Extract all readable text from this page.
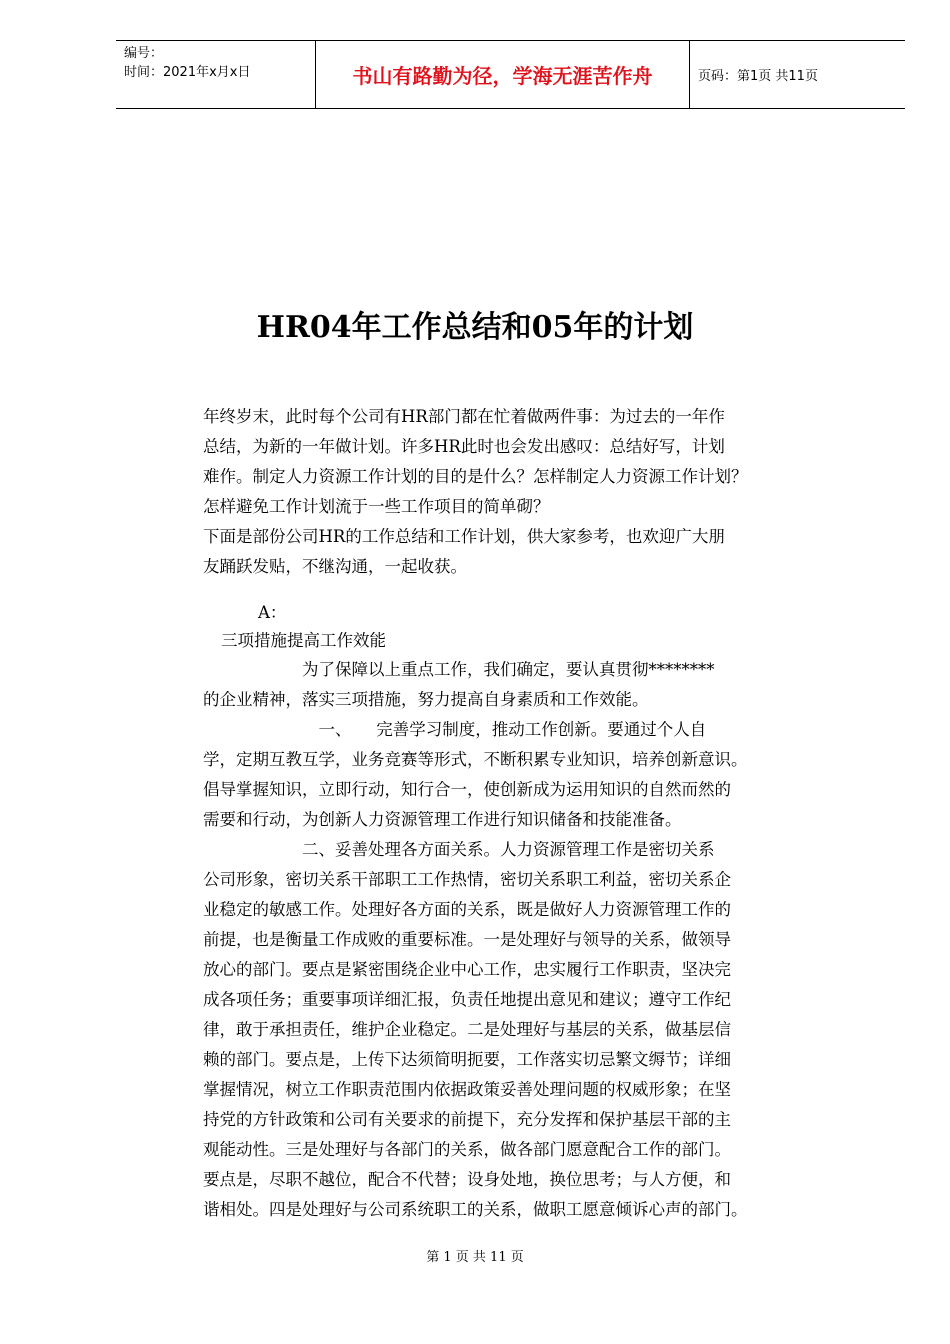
编号：
时间：2021年x月x日	书山有路勤为径，学海无涯苦作舟	页码：第1页 共11页
HR04年工作总结和05年的计划
年终岁末，此时每个公司有HR部门都在忙着做两件事：为过去的一年作
总结，为新的一年做计划。许多HR此时也会发出感叹：总结好写，计划
难作。制定人力资源工作计划的目的是什么？怎样制定人力资源工作计划？
怎样避免工作计划流于一些工作项目的简单砌？
下面是部份公司HR的工作总结和工作计划，供大家参考，也欢迎广大朋
友踊跃发贴，不继沟通，一起收获。
A：
三项措施提高工作效能
　　　　　　为了保障以上重点工作，我们确定，要认真贯彻********
的企业精神，落实三项措施，努力提高自身素质和工作效能。
　　　　　　　一、　　完善学习制度，推动工作创新。要通过个人自
学，定期互教互学，业务竞赛等形式，不断积累专业知识，培养创新意识。
倡导掌握知识，立即行动，知行合一，使创新成为运用知识的自然而然的
需要和行动，为创新人力资源管理工作进行知识储备和技能准备。
　　　　　　二、妥善处理各方面关系。人力资源管理工作是密切关系
公司形象，密切关系干部职工工作热情，密切关系职工利益，密切关系企
业稳定的敏感工作。处理好各方面的关系，既是做好人力资源管理工作的
前提，也是衡量工作成败的重要标准。一是处理好与领导的关系，做领导
放心的部门。要点是紧密围绕企业中心工作，忠实履行工作职责，坚决完
成各项任务；重要事项详细汇报，负责任地提出意见和建议；遵守工作纪
律，敢于承担责任，维护企业稳定。二是处理好与基层的关系，做基层信
赖的部门。要点是，上传下达须简明扼要，工作落实切忌繁文缛节；详细
掌握情况，树立工作职责范围内依据政策妥善处理问题的权威形象；在坚
持党的方针政策和公司有关要求的前提下，充分发挥和保护基层干部的主
观能动性。三是处理好与各部门的关系，做各部门愿意配合工作的部门。
要点是，尽职不越位，配合不代替；设身处地，换位思考；与人方便，和
谐相处。四是处理好与公司系统职工的关系，做职工愿意倾诉心声的部门。
第 1 页 共 11 页
